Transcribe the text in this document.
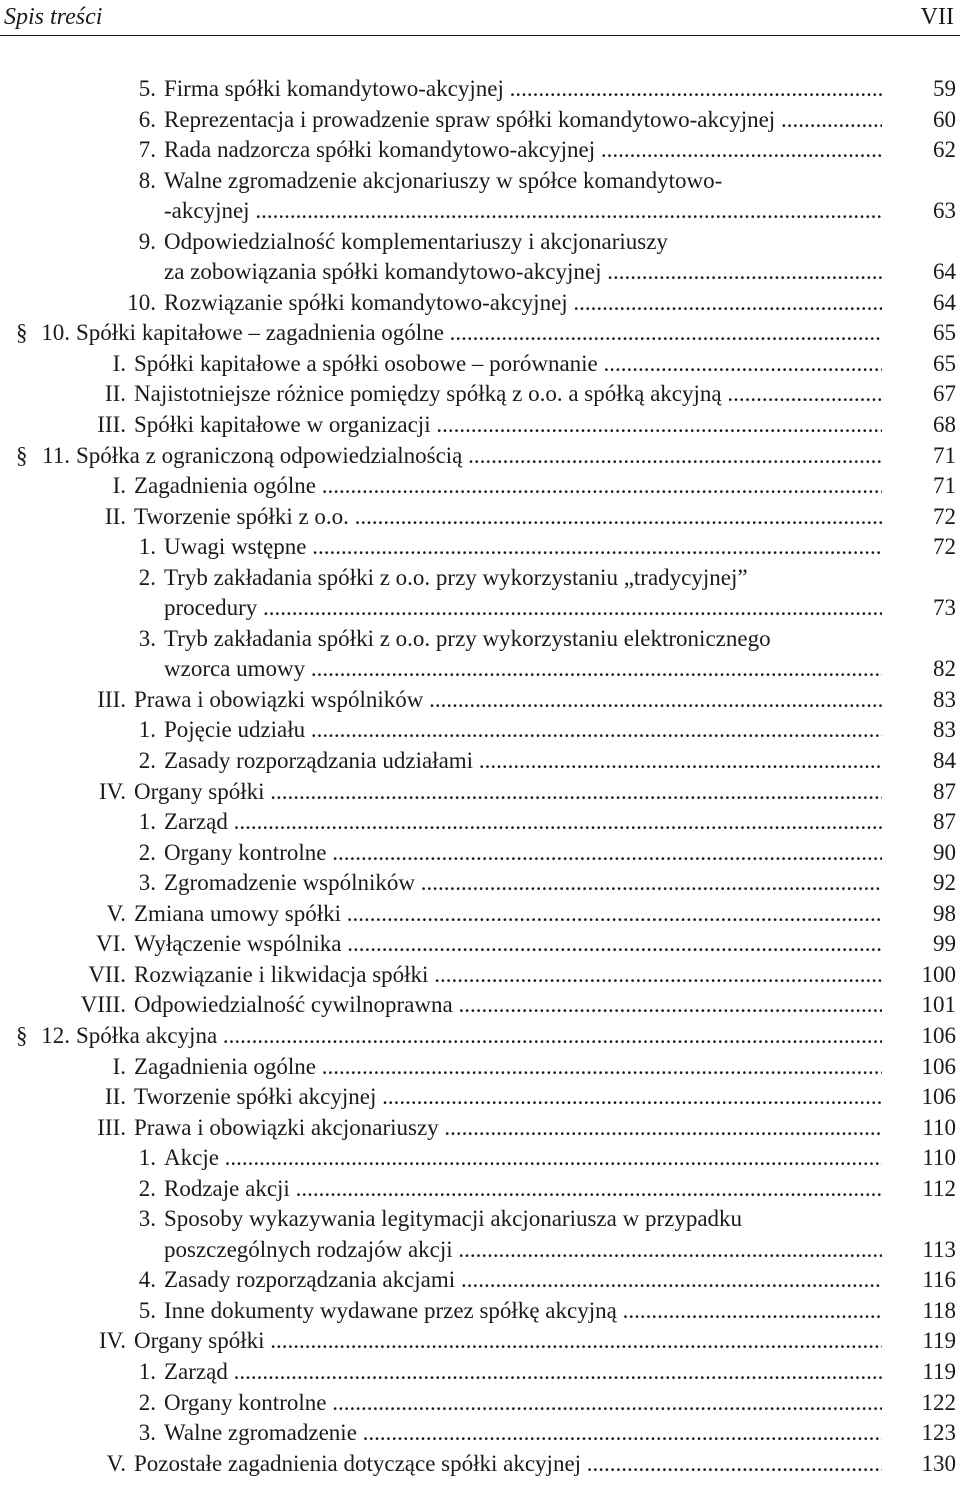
Spis treści	VII
5. Firma spółki komandytowo-akcyjnej .....	59
6. Reprezentacja i prowadzenie spraw spółki komandytowo-akcyjnej .....	60
7. Rada nadzorcza spółki komandytowo-akcyjnej .....	62
8. Walne zgromadzenie akcjonariuszy w spółce komandytowo-
-akcyjnej .....	63
9. Odpowiedzialność komplementariuszy i akcjonariuszy
za zobowiązania spółki komandytowo-akcyjnej .....	64
10. Rozwiązanie spółki komandytowo-akcyjnej .....	64
§ 10. Spółki kapitałowe – zagadnienia ogólne .....	65
I. Spółki kapitałowe a spółki osobowe – porównanie .....	65
II. Najistotniejsze różnice pomiędzy spółką z o.o. a spółką akcyjną .....	67
III. Spółki kapitałowe w organizacji .....	68
§ 11. Spółka z ograniczoną odpowiedzialnością .....	71
I. Zagadnienia ogólne .....	71
II. Tworzenie spółki z o.o. .....	72
1. Uwagi wstępne .....	72
2. Tryb zakładania spółki z o.o. przy wykorzystaniu „tradycyjnej”
procedury .....	73
3. Tryb zakładania spółki z o.o. przy wykorzystaniu elektronicznego
wzorca umowy .....	82
III. Prawa i obowiązki wspólników .....	83
1. Pojęcie udziału .....	83
2. Zasady rozporządzania udziałami .....	84
IV. Organy spółki .....	87
1. Zarząd .....	87
2. Organy kontrolne .....	90
3. Zgromadzenie wspólników .....	92
V. Zmiana umowy spółki .....	98
VI. Wyłączenie wspólnika .....	99
VII. Rozwiązanie i likwidacja spółki .....	100
VIII. Odpowiedzialność cywilnoprawna .....	101
§ 12. Spółka akcyjna .....	106
I. Zagadnienia ogólne .....	106
II. Tworzenie spółki akcyjnej .....	106
III. Prawa i obowiązki akcjonariuszy .....	110
1. Akcje .....	110
2. Rodzaje akcji .....	112
3. Sposoby wykazywania legitymacji akcjonariusza w przypadku
poszczególnych rodzajów akcji .....	113
4. Zasady rozporządzania akcjami .....	116
5. Inne dokumenty wydawane przez spółkę akcyjną .....	118
IV. Organy spółki .....	119
1. Zarząd .....	119
2. Organy kontrolne .....	122
3. Walne zgromadzenie .....	123
V. Pozostałe zagadnienia dotyczące spółki akcyjnej .....	130
